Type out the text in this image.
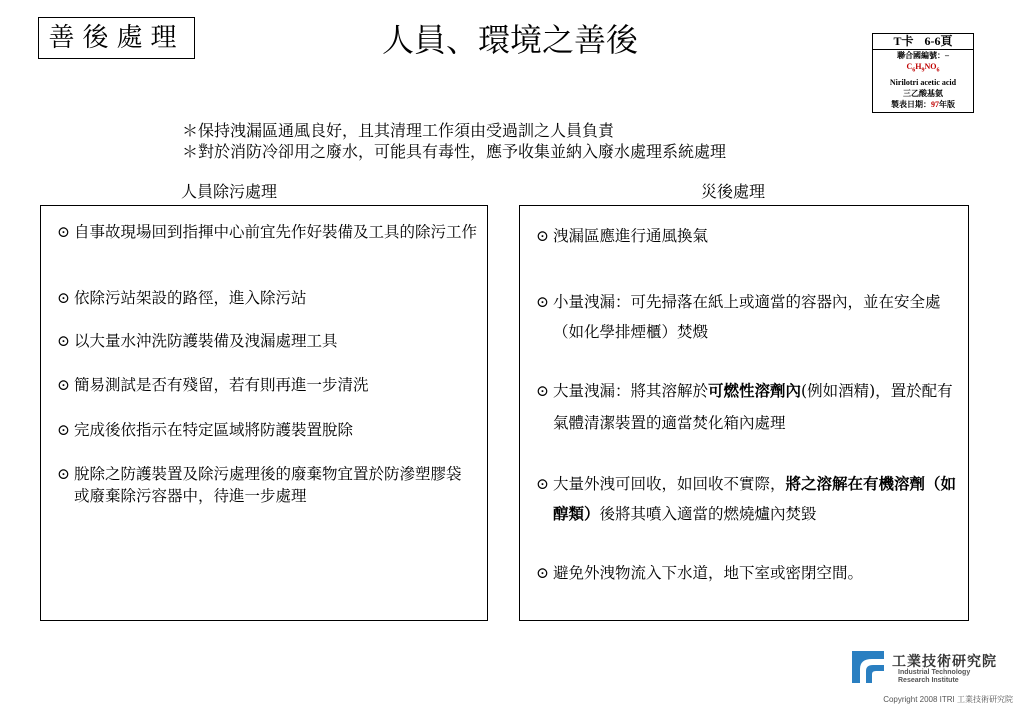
善後處理	人員、環境之善後	T卡 6-6頁
聯合國編號：–
$C_6H_9NO_6$
Nirilotri acetic acid
三乙酸基氨
製表日期：97年版
＊保持洩漏區通風良好，且其清理工作須由受過訓之人員負責
＊對於消防冷卻用之廢水，可能具有毒性，應予收集並納入廢水處理系統處理
人員除污處理	災後處理
⊙ 自事故現場回到指揮中心前宜先作好裝備及工具的除污工作
⊙ 依除污站架設的路徑，進入除污站
⊙ 以大量水沖洗防護裝備及洩漏處理工具
⊙ 簡易測試是否有殘留，若有則再進一步清洗
⊙ 完成後依指示在特定區域將防護裝置脫除
⊙ 脫除之防護裝置及除污處理後的廢棄物宜置於防滲塑膠袋或廢棄除污容器中，待進一步處理
⊙ 洩漏區應進行通風換氣
⊙ 小量洩漏：可先掃落在紙上或適當的容器內，並在安全處（如化學排煙櫃）焚燬
⊙ 大量洩漏：將其溶解於可燃性溶劑內(例如酒精)，置於配有氣體清潔裝置的適當焚化箱內處理
⊙ 大量外洩可回收，如回收不實際，將之溶解在有機溶劑（如醇類）後將其噴入適當的燃燒爐內焚毀
⊙ 避免外洩物流入下水道，地下室或密閉空間。
工業技術研究院
Industrial Technology
Research Institute
Copyright 2008 ITRI 工業技術研究院
